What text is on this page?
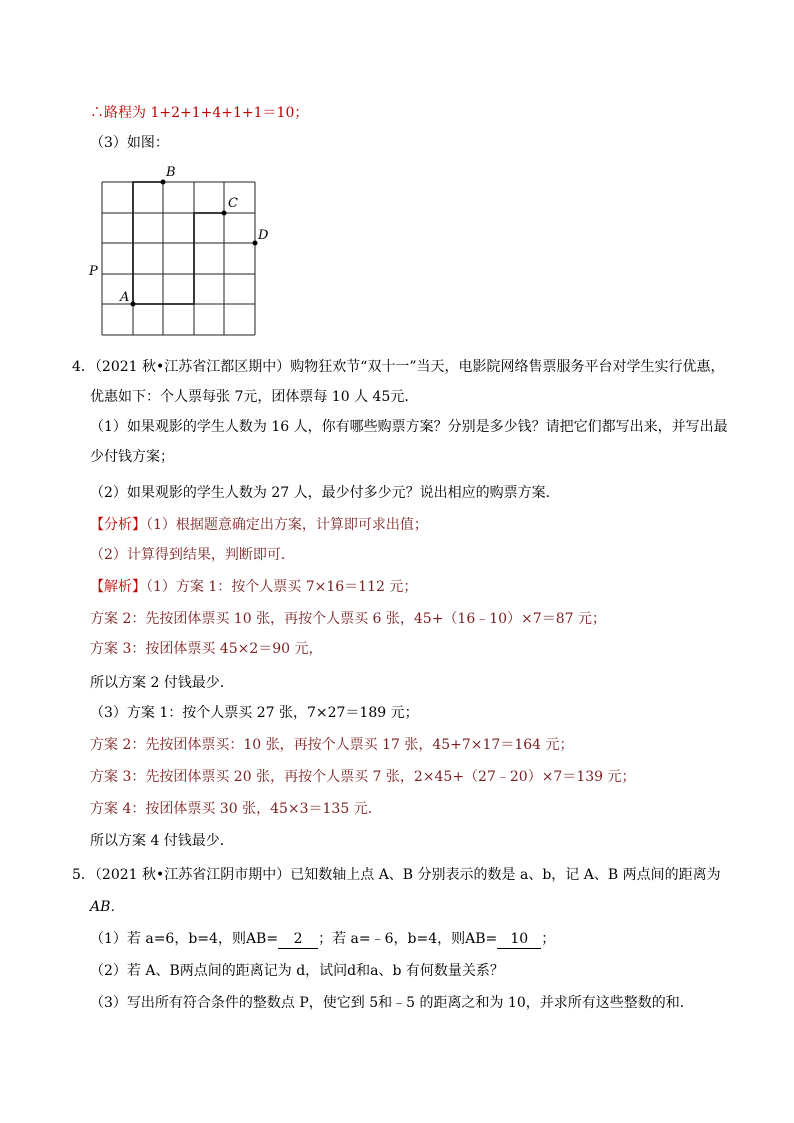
∴路程为 1+2+1+4+1+1＝10；
（3）如图：
B
C
D
P
A
4．（2021 秋•江苏省江都区期中）购物狂欢节“双十一”当天，电影院网络售票服务平台对学生实行优惠，
优惠如下：个人票每张 7元，团体票每 10 人 45元．
（1）如果观影的学生人数为 16 人，你有哪些购票方案？分别是多少钱？请把它们都写出来，并写出最
少付钱方案；
（2）如果观影的学生人数为 27 人，最少付多少元？说出相应的购票方案．
【分析】（1）根据题意确定出方案，计算即可求出值；
（2）计算得到结果，判断即可．
【解析】（1）方案 1：按个人票买 7×16＝112 元；
方案 2：先按团体票买 10 张，再按个人票买 6 张，45+（16﹣10）×7＝87 元；
方案 3：按团体票买 45×2＝90 元，
所以方案 2 付钱最少．
（3）方案 1：按个人票买 27 张，7×27＝189 元；
方案 2：先按团体票买：10 张，再按个人票买 17 张，45+7×17＝164 元；
方案 3：先按团体票买 20 张，再按个人票买 7 张，2×45+（27﹣20）×7＝139 元；
方案 4：按团体票买 30 张，45×3＝135 元．
所以方案 4 付钱最少．
5．（2021 秋•江苏省江阴市期中）已知数轴上点 A、B 分别表示的数是 a、b，记 A、B 两点间的距离为
AB．
（1）若 a=6，b=4，则AB= 2 ；若 a=﹣6，b=4，则AB= 10 ；
（2）若 A、B两点间的距离记为 d，试问d和a、b 有何数量关系？
（3）写出所有符合条件的整数点 P，使它到 5和﹣5 的距离之和为 10，并求所有这些整数的和．
